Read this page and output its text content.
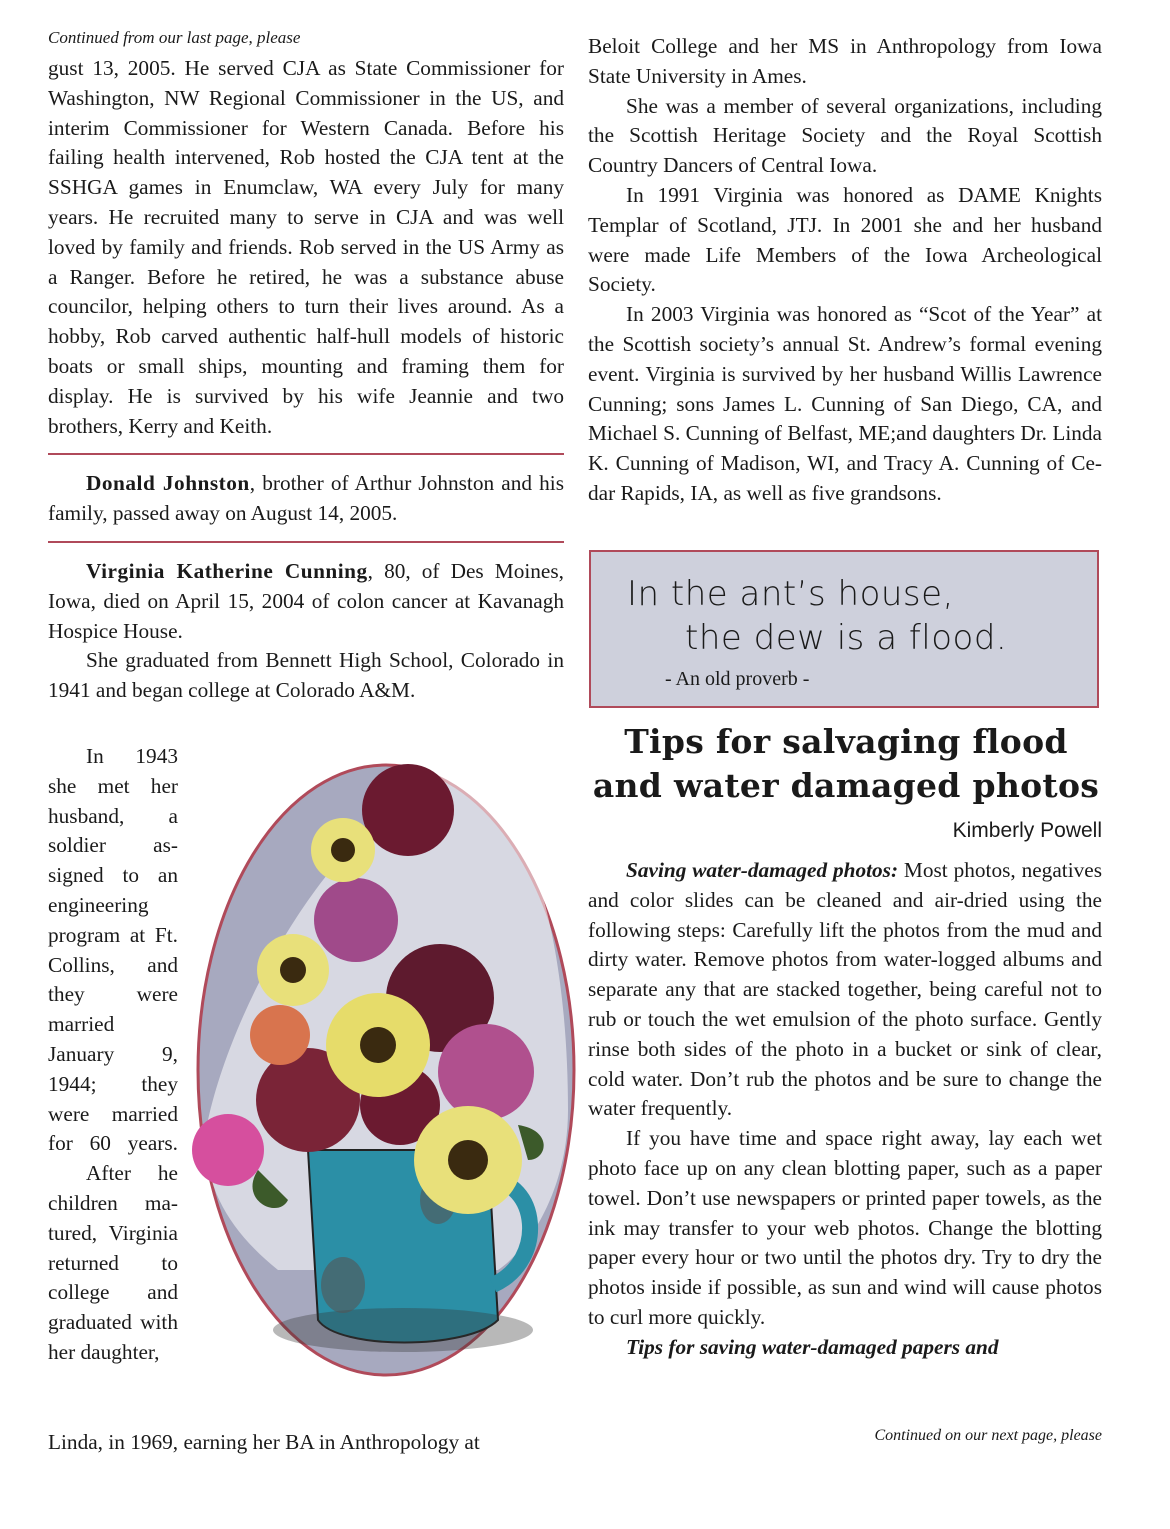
Continued from our last page, please

gust 13, 2005. He served CJA as State Commissioner for Washington, NW Regional Commissioner in the US, and interim Commissioner for Western Canada. Before his failing health intervened, Rob hosted the CJA tent at the SSHGA games in Enumclaw, WA every July for many years. He recruited many to serve in CJA and was well loved by family and friends. Rob served in the US Army as a Ranger. Before he retired, he was a substance abuse councilor, helping others to turn their lives around. As a hobby, Rob carved authentic half-hull models of historic boats or small ships, mounting and framing them for display. He is survived by his wife Jeannie and two brothers, Kerry and Keith.

Donald Johnston, brother of Arthur Johnston and his family, passed away on August 14, 2005.

Virginia Katherine Cunning, 80, of Des Moines, Iowa, died on April 15, 2004 of colon cancer at Kavanagh Hospice House.

She graduated from Bennett High School, Colorado in 1941 and began college at Colorado A&M.

In 1943 she met her husband, a soldier assigned to an engineering program at Ft. Collins, and they were married January 9, 1944; they were married for 60 years.

After he children matured, Virginia returned to college and graduated with her daughter,

Linda, in 1969, earning her BA in Anthropology at

Beloit College and her MS in Anthropology from Iowa State University in Ames.

She was a member of several organizations, including the Scottish Heritage Society and the Royal Scottish Country Dancers of Central Iowa.

In 1991 Virginia was honored as DAME Knights Templar of Scotland, JTJ. In 2001 she and her husband were made Life Members of the Iowa Archeological Society.

In 2003 Virginia was honored as “Scot of the Year” at the Scottish society’s annual St. Andrew’s formal evening event. Virginia is survived by her husband Willis Lawrence Cunning; sons James L. Cunning of San Diego, CA, and Michael S. Cunning of Belfast, ME;and daughters Dr. Linda K. Cunning of Madison, WI, and Tracy A. Cunning of Cedar Rapids, IA, as well as five grandsons.

In the ant’s house,
the dew is a flood.
- An old proverb -
Tips for salvaging flood and water damaged photos
Kimberly Powell

Saving water-damaged photos: Most photos, negatives and color slides can be cleaned and air-dried using the following steps: Carefully lift the photos from the mud and dirty water. Remove photos from water-logged albums and separate any that are stacked together, being careful not to rub or touch the wet emulsion of the photo surface. Gently rinse both sides of the photo in a bucket or sink of clear, cold water. Don’t rub the photos and be sure to change the water frequently.

If you have time and space right away, lay each wet photo face up on any clean blotting paper, such as a paper towel. Don’t use newspapers or printed paper towels, as the ink may transfer to your web photos. Change the blotting paper every hour or two until the photos dry. Try to dry the photos inside if possible, as sun and wind will cause photos to curl more quickly.

Tips for saving water-damaged papers and

Continued on our next page, please
